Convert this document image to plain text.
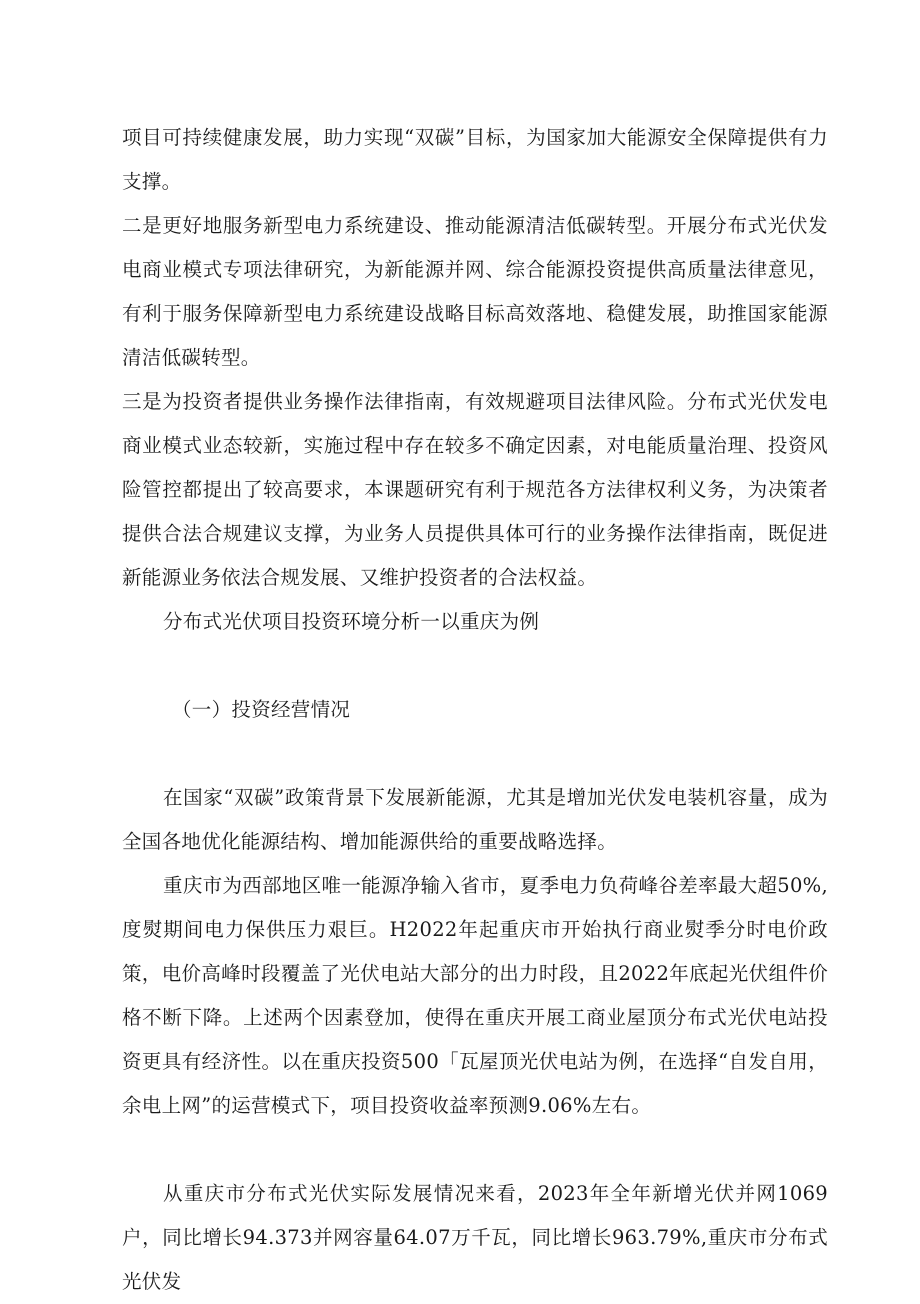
项目可持续健康发展，助力实现“双碳”目标，为国家加大能源安全保障提供有力支撑。

二是更好地服务新型电力系统建设、推动能源清洁低碳转型。开展分布式光伏发电商业模式专项法律研究，为新能源并网、综合能源投资提供高质量法律意见，有利于服务保障新型电力系统建设战略目标高效落地、稳健发展，助推国家能源清洁低碳转型。

三是为投资者提供业务操作法律指南，有效规避项目法律风险。分布式光伏发电商业模式业态较新，实施过程中存在较多不确定因素，对电能质量治理、投资风险管控都提出了较高要求，本课题研究有利于规范各方法律权利义务，为决策者提供合法合规建议支撑，为业务人员提供具体可行的业务操作法律指南，既促进新能源业务依法合规发展、又维护投资者的合法权益。

分布式光伏项目投资环境分析一以重庆为例

（一）投资经营情况

在国家“双碳”政策背景下发展新能源，尤其是增加光伏发电装机容量，成为全国各地优化能源结构、增加能源供给的重要战略选择。

重庆市为西部地区唯一能源净输入省市，夏季电力负荷峰谷差率最大超50%,度熨期间电力保供压力艰巨。H2022年起重庆市开始执行商业熨季分时电价政策，电价高峰时段覆盖了光伏电站大部分的出力时段，且2022年底起光伏组件价格不断下降。上述两个因素登加，使得在重庆开展工商业屋顶分布式光伏电站投资更具有经济性。以在重庆投资500「瓦屋顶光伏电站为例，在选择“自发自用，余电上网”的运营模式下，项目投资收益率预测9.06%左右。

从重庆市分布式光伏实际发展情况来看，2023年全年新增光伏并网1069户，同比增长94.373并网容量64.07万千瓦，同比增长963.79%,重庆市分布式光伏发
